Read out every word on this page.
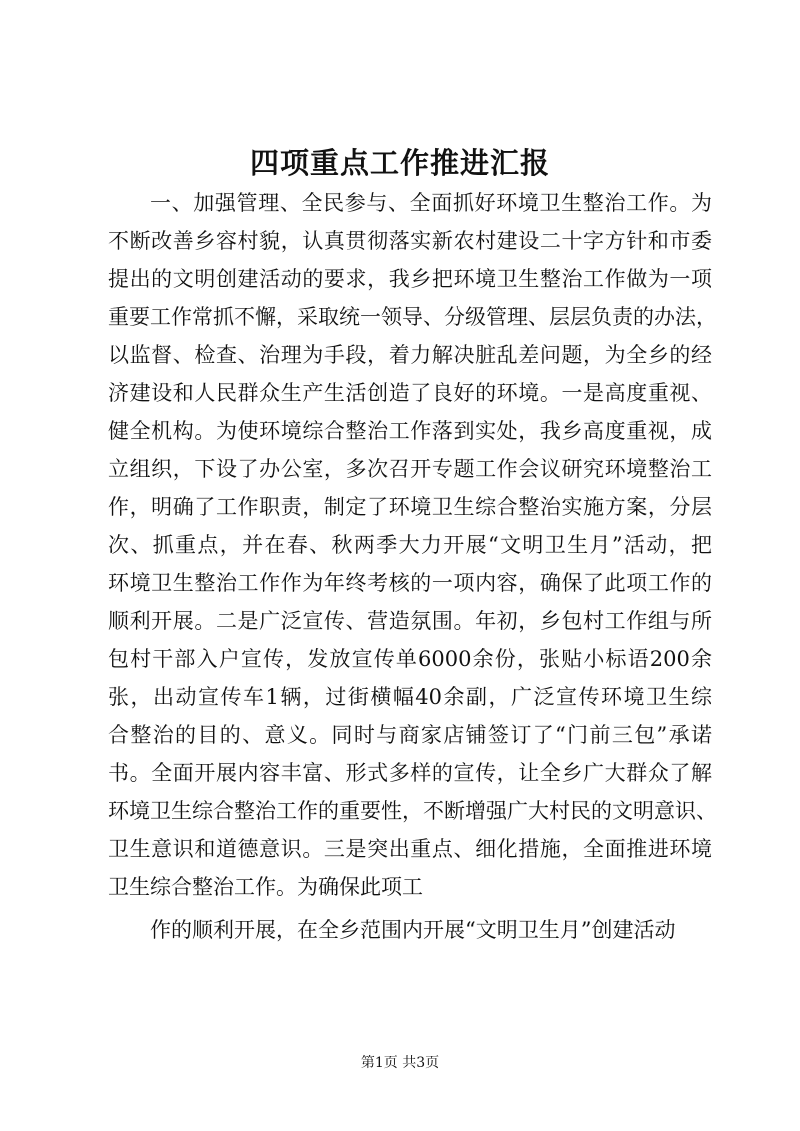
四项重点工作推进汇报
一、加强管理、全民参与、全面抓好环境卫生整治工作。为
不断改善乡容村貌，认真贯彻落实新农村建设二十字方针和市委
提出的文明创建活动的要求，我乡把环境卫生整治工作做为一项
重要工作常抓不懈，采取统一领导、分级管理、层层负责的办法，
以监督、检查、治理为手段，着力解决脏乱差问题，为全乡的经
济建设和人民群众生产生活创造了良好的环境。一是高度重视、
健全机构。为使环境综合整治工作落到实处，我乡高度重视，成
立组织，下设了办公室，多次召开专题工作会议研究环境整治工
作，明确了工作职责，制定了环境卫生综合整治实施方案，分层
次、抓重点，并在春、秋两季大力开展“文明卫生月”活动，把
环境卫生整治工作作为年终考核的一项内容，确保了此项工作的
顺利开展。二是广泛宣传、营造氛围。年初，乡包村工作组与所
包村干部入户宣传，发放宣传单6000余份，张贴小标语200余
张，出动宣传车1辆，过街横幅40余副，广泛宣传环境卫生综
合整治的目的、意义。同时与商家店铺签订了“门前三包”承诺
书。全面开展内容丰富、形式多样的宣传，让全乡广大群众了解
环境卫生综合整治工作的重要性，不断增强广大村民的文明意识、
卫生意识和道德意识。三是突出重点、细化措施，全面推进环境
卫生综合整治工作。为确保此项工
作的顺利开展，在全乡范围内开展“文明卫生月”创建活动
第1页 共3页
